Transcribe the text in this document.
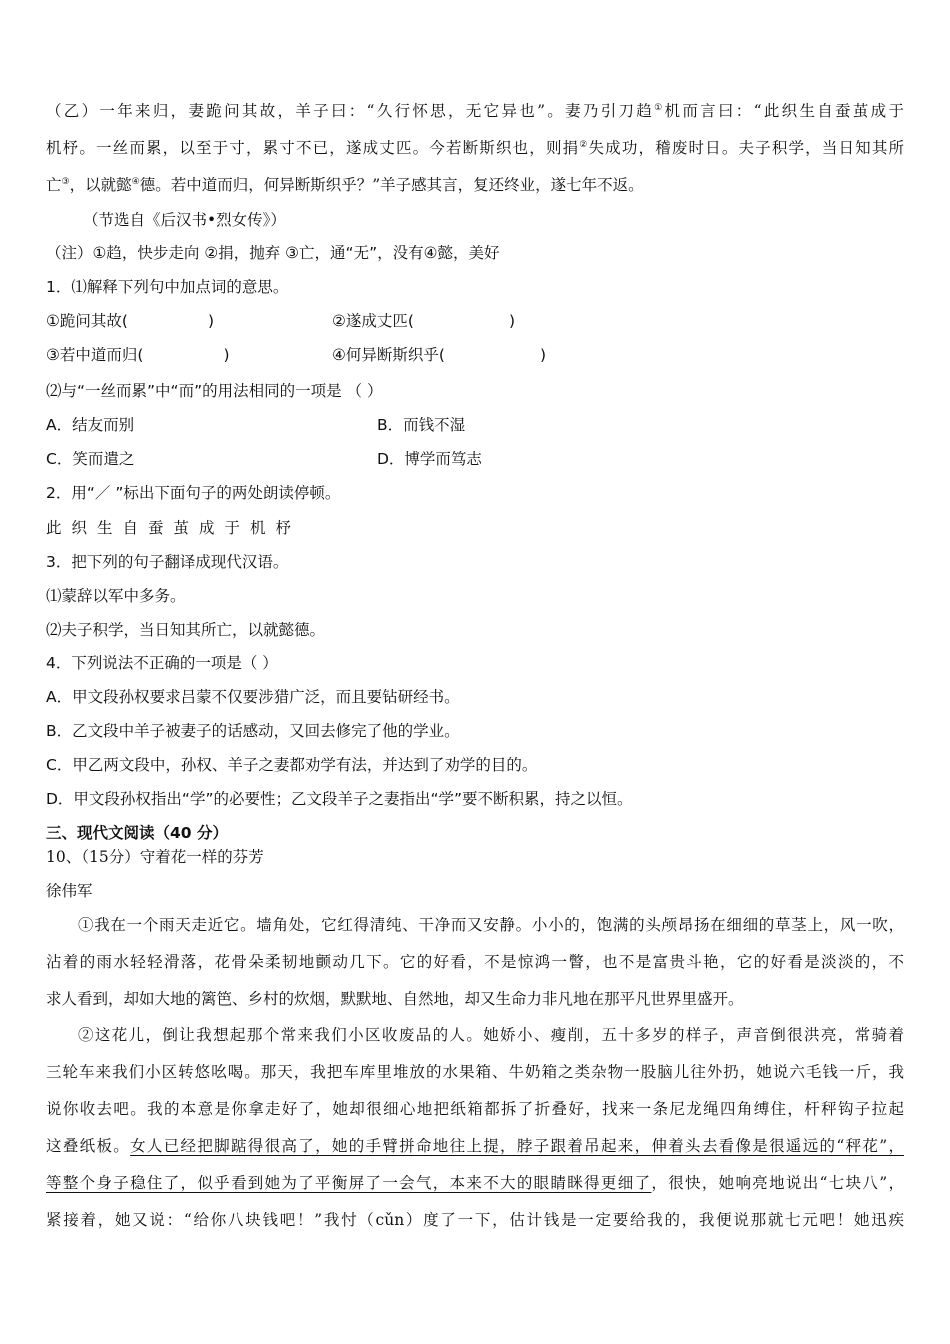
（乙）一年来归，妻跪问其故，羊子曰：“久行怀思，无它异也”。妻乃引刀趋①机而言曰：“此织生自蚕茧成于
机杼。一丝而累，以至于寸，累寸不已，遂成丈匹。今若断斯织也，则捐②失成功，稽废时日。夫子积学，当日知其所
亡③，以就懿④德。若中道而归，何异断斯织乎？”羊子感其言，复还终业，遂七年不返。
（节选自《后汉书•烈女传》）
（注）①趋，快步走向 ②捐，抛弃 ③亡，通“无”，没有④懿，美好
1．⑴解释下列句中加点词的意思。
①跪问其故(	)	②遂成丈匹(	)
③若中道而归(	)	④何异断斯织乎(	)
⑵与“一丝而累”中“而”的用法相同的一项是 （ ）
A．结友而别	B．而钱不湿
C．笑而遣之	D．博学而笃志
2．用“／ ”标出下面句子的两处朗读停顿。
此织生自蚕茧成于机杼
3．把下列的句子翻译成现代汉语。
⑴蒙辞以军中多务。
⑵夫子积学，当日知其所亡，以就懿德。
4．下列说法不正确的一项是（ ）
A．甲文段孙权要求吕蒙不仅要涉猎广泛，而且要钻研经书。
B．乙文段中羊子被妻子的话感动，又回去修完了他的学业。
C．甲乙两文段中，孙权、羊子之妻都劝学有法，并达到了劝学的目的。
D．甲文段孙权指出“学”的必要性；乙文段羊子之妻指出“学”要不断积累，持之以恒。
三、现代文阅读（40 分）
10、（15分）守着花一样的芬芳
徐伟军
①我在一个雨天走近它。墙角处，它红得清纯、干净而又安静。小小的，饱满的头颅昂扬在细细的草茎上，风一吹，
沾着的雨水轻轻滑落，花骨朵柔韧地颤动几下。它的好看，不是惊鸿一瞥，也不是富贵斗艳，它的好看是淡淡的，不
求人看到，却如大地的篱笆、乡村的炊烟，默默地、自然地，却又生命力非凡地在那平凡世界里盛开。
②这花儿，倒让我想起那个常来我们小区收废品的人。她娇小、瘦削，五十多岁的样子，声音倒很洪亮，常骑着
三轮车来我们小区转悠吆喝。那天，我把车库里堆放的水果箱、牛奶箱之类杂物一股脑儿往外扔，她说六毛钱一斤，我
说你收去吧。我的本意是你拿走好了，她却很细心地把纸箱都拆了折叠好，找来一条尼龙绳四角缚住，杆秤钩子拉起
这叠纸板。女人已经把脚踮得很高了，她的手臂拼命地往上提，脖子跟着吊起来，伸着头去看像是很遥远的“秤花”，
等整个身子稳住了，似乎看到她为了平衡屏了一会气，本来不大的眼睛眯得更细了，很快，她响亮地说出“七块八”，
紧接着，她又说：“给你八块钱吧！”我忖（cǔn）度了一下，估计钱是一定要给我的，我便说那就七元吧！她迅疾
